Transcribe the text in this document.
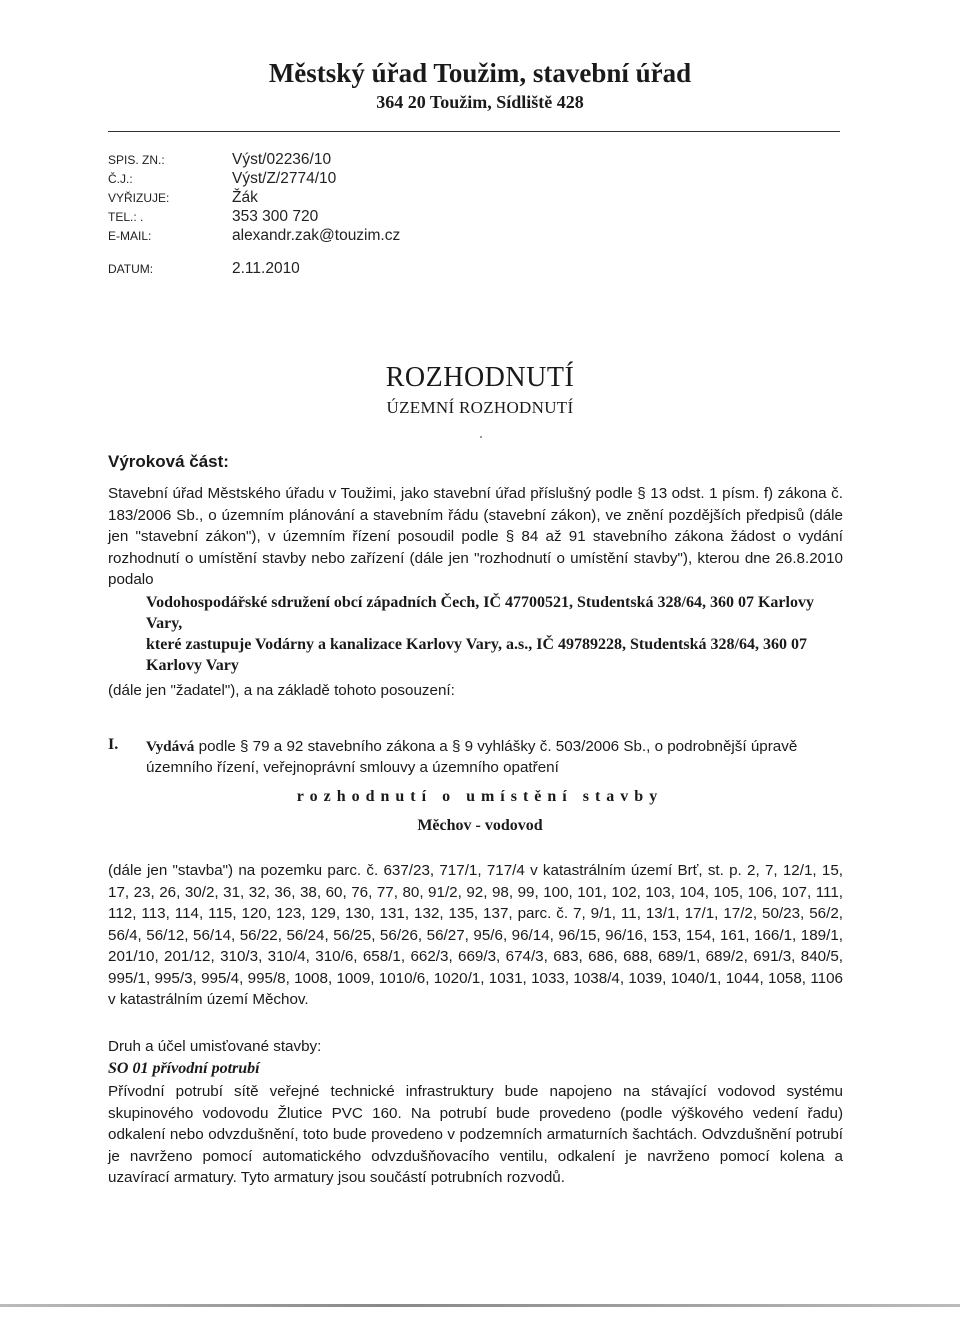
Městský úřad Toužim, stavební úřad
364 20 Toužim, Sídliště 428
SPIS. ZN.:	Výst/02236/10
Č.J.:	Výst/Z/2774/10
VYŘIZUJE:	Žák
TEL.: .	353 300 720
E-MAIL:	alexandr.zak@touzim.cz
DATUM:	2.11.2010
ROZHODNUTÍ
ÚZEMNÍ ROZHODNUTÍ
Výroková část:
Stavební úřad Městského úřadu v Toužimi, jako stavební úřad příslušný podle § 13 odst. 1 písm. f) zákona č. 183/2006 Sb., o územním plánování a stavebním řádu (stavební zákon), ve znění pozdějších předpisů (dále jen "stavební zákon"), v územním řízení posoudil podle § 84 až 91 stavebního zákona žádost o vydání rozhodnutí o umístění stavby nebo zařízení (dále jen "rozhodnutí o umístění stavby"), kterou dne 26.8.2010 podalo
Vodohospodářské sdružení obcí západních Čech, IČ 47700521, Studentská 328/64, 360 07 Karlovy Vary,
které zastupuje Vodárny a kanalizace Karlovy Vary, a.s., IČ 49789228, Studentská 328/64, 360 07 Karlovy Vary
(dále jen "žadatel"), a na základě tohoto posouzení:
I. Vydává podle § 79 a 92 stavebního zákona a § 9 vyhlášky č. 503/2006 Sb., o podrobnější úpravě územního řízení, veřejnoprávní smlouvy a územního opatření
rozhodnutí o umístění stavby
Měchov - vodovod
(dále jen "stavba") na pozemku parc. č. 637/23, 717/1, 717/4 v katastrálním území Brť, st. p. 2, 7, 12/1, 15, 17, 23, 26, 30/2, 31, 32, 36, 38, 60, 76, 77, 80, 91/2, 92, 98, 99, 100, 101, 102, 103, 104, 105, 106, 107, 111, 112, 113, 114, 115, 120, 123, 129, 130, 131, 132, 135, 137, parc. č. 7, 9/1, 11, 13/1, 17/1, 17/2, 50/23, 56/2, 56/4, 56/12, 56/14, 56/22, 56/24, 56/25, 56/26, 56/27, 95/6, 96/14, 96/15, 96/16, 153, 154, 161, 166/1, 189/1, 201/10, 201/12, 310/3, 310/4, 310/6, 658/1, 662/3, 669/3, 674/3, 683, 686, 688, 689/1, 689/2, 691/3, 840/5, 995/1, 995/3, 995/4, 995/8, 1008, 1009, 1010/6, 1020/1, 1031, 1033, 1038/4, 1039, 1040/1, 1044, 1058, 1106 v katastrálním území Měchov.
Druh a účel umisťované stavby:
SO 01 přívodní potrubí
Přívodní potrubí sítě veřejné technické infrastruktury bude napojeno na stávající vodovod systému skupinového vodovodu Žlutice PVC 160. Na potrubí bude provedeno (podle výškového vedení řadu) odkalení nebo odvzdušnění, toto bude provedeno v podzemních armaturních šachtách. Odvzdušnění potrubí je navrženo pomocí automatického odvzdušňovacího ventilu, odkalení je navrženo pomocí kolena a uzavírací armatury. Tyto armatury jsou součástí potrubních rozvodů.
